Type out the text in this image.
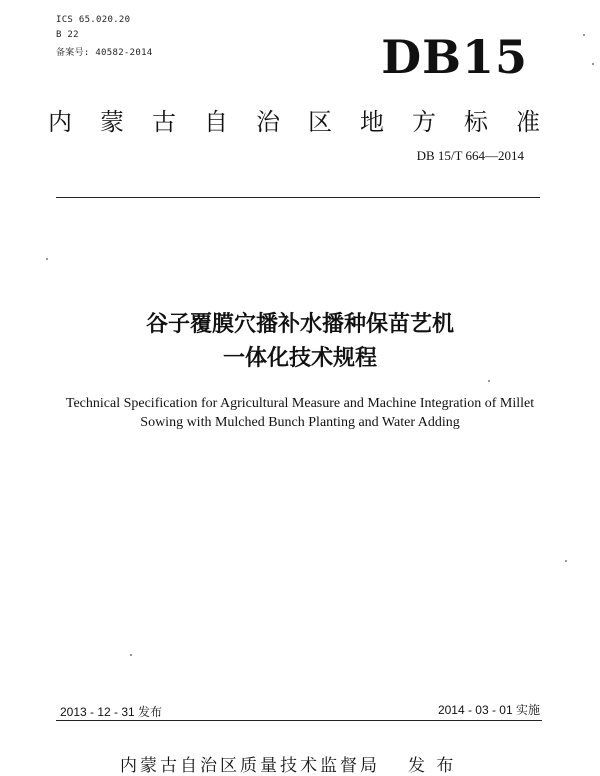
ICS 65.020.20
B 22
备案号: 40582-2014	DB15
内 蒙 古 自 治 区 地 方 标 准
DB 15/T 664—2014
谷子覆膜穴播补水播种保苗艺机
一体化技术规程
Technical Specification for Agricultural Measure and Machine Integration of Millet
Sowing with Mulched Bunch Planting and Water Adding
2013 - 12 - 31 发布	2014 - 03 - 01 实施
内蒙古自治区质量技术监督局 发 布
